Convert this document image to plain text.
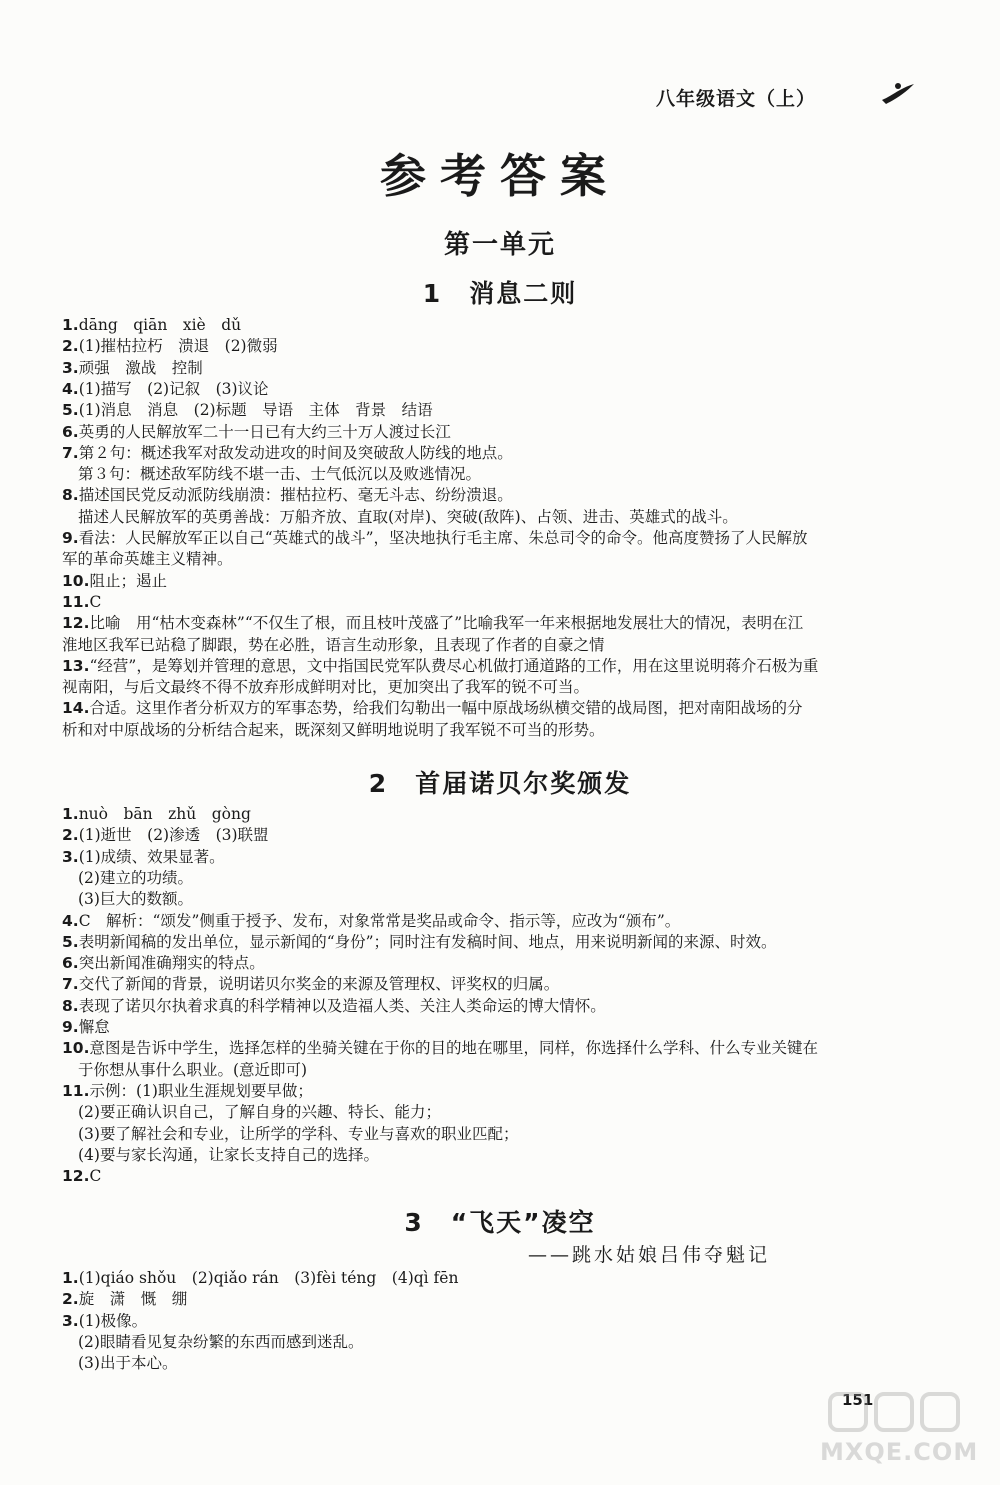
八年级语文（上）
参考答案
第一单元
1　消息二则
1.dāng　qiān　xiè　dǔ
2.(1)摧枯拉朽　溃退　(2)微弱
3.顽强　激战　控制
4.(1)描写　(2)记叙　(3)议论
5.(1)消息　消息　(2)标题　导语　主体　背景　结语
6.英勇的人民解放军二十一日已有大约三十万人渡过长江
7.第２句：概述我军对敌发动进攻的时间及突破敌人防线的地点。
第３句：概述敌军防线不堪一击、士气低沉以及败逃情况。
8.描述国民党反动派防线崩溃：摧枯拉朽、毫无斗志、纷纷溃退。
描述人民解放军的英勇善战：万船齐放、直取(对岸)、突破(敌阵)、占领、进击、英雄式的战斗。
9.看法：人民解放军正以自己“英雄式的战斗”，坚决地执行毛主席、朱总司令的命令。他高度赞扬了人民解放
军的革命英雄主义精神。
10.阻止；遏止
11.C
12.比喻　用“枯木变森林”“不仅生了根，而且枝叶茂盛了”比喻我军一年来根据地发展壮大的情况，表明在江
淮地区我军已站稳了脚跟，势在必胜，语言生动形象，且表现了作者的自豪之情
13.“经营”，是筹划并管理的意思，文中指国民党军队费尽心机做打通道路的工作，用在这里说明蒋介石极为重
视南阳，与后文最终不得不放弃形成鲜明对比，更加突出了我军的锐不可当。
14.合适。这里作者分析双方的军事态势，给我们勾勒出一幅中原战场纵横交错的战局图，把对南阳战场的分
析和对中原战场的分析结合起来，既深刻又鲜明地说明了我军锐不可当的形势。
2　首届诺贝尔奖颁发
1.nuò　bān　zhǔ　gòng
2.(1)逝世　(2)渗透　(3)联盟
3.(1)成绩、效果显著。
(2)建立的功绩。
(3)巨大的数额。
4.C　解析：“颂发”侧重于授予、发布，对象常常是奖品或命令、指示等，应改为“颁布”。
5.表明新闻稿的发出单位，显示新闻的“身份”；同时注有发稿时间、地点，用来说明新闻的来源、时效。
6.突出新闻准确翔实的特点。
7.交代了新闻的背景，说明诺贝尔奖金的来源及管理权、评奖权的归属。
8.表现了诺贝尔执着求真的科学精神以及造福人类、关注人类命运的博大情怀。
9.懈怠
10.意图是告诉中学生，选择怎样的坐骑关键在于你的目的地在哪里，同样，你选择什么学科、什么专业关键在
于你想从事什么职业。(意近即可)
11.示例：(1)职业生涯规划要早做；
(2)要正确认识自己，了解自身的兴趣、特长、能力；
(3)要了解社会和专业，让所学的学科、专业与喜欢的职业匹配；
(4)要与家长沟通，让家长支持自己的选择。
12.C
3　“飞天”凌空
——跳水姑娘吕伟夺魁记
1.(1)qiáo shǒu　(2)qiǎo rán　(3)fèi téng　(4)qì fēn
2.旋　潇　慨　绷
3.(1)极像。
(2)眼睛看见复杂纷繁的东西而感到迷乱。
(3)出于本心。
151
MXQE.COM
